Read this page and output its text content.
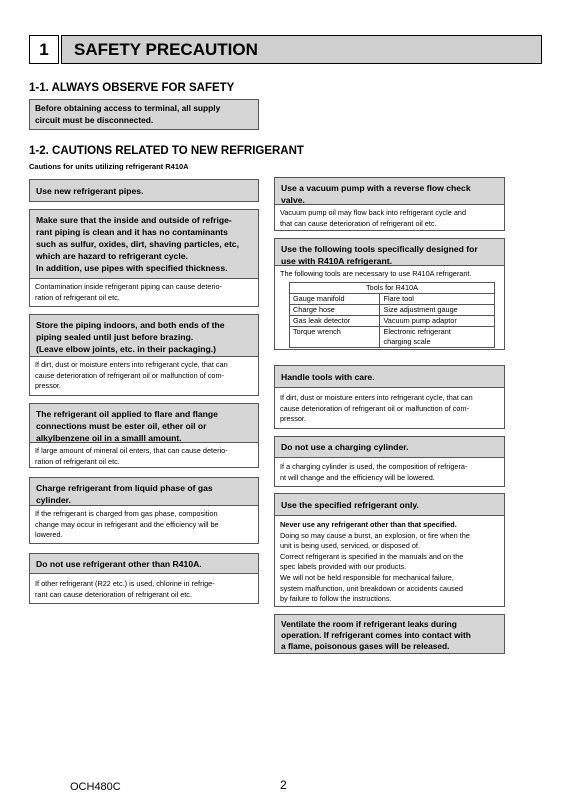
1	SAFETY PRECAUTION
1-1. ALWAYS OBSERVE FOR SAFETY
Before obtaining access to terminal, all supply
circuit must be disconnected.
1-2. CAUTIONS RELATED TO NEW REFRIGERANT
Cautions for units utilizing refrigerant R410A
Use new refrigerant pipes.
Make sure that the inside and outside of refrige-
rant piping is clean and it has no contaminants
such as sulfur, oxides, dirt, shaving particles, etc,
which are hazard to refrigerant cycle.
In addition, use pipes with specified thickness.
Contamination inside refrigerant piping can cause deterio-
ration of refrigerant oil etc.
Store the piping indoors, and both ends of the
piping sealed until just before brazing.
(Leave elbow joints, etc. in their packaging.)
If dirt, dust or moisture enters into refrigerant cycle, that can
cause deterioration of refrigerant oil or malfunction of com-
pressor.
The refrigerant oil applied to flare and flange
connections must be ester oil, ether oil or
alkylbenzene oil in a smalll amount.
If large amount of mineral oil enters, that can cause deterio-
ration of refrigerant oil etc.
Charge refrigerant from liquid phase of gas
cylinder.
If the refrigerant is charged from gas phase, composition
change may occur in refrigerant and the efficiency will be
lowered.
Do not use refrigerant other than R410A.
If other refrigerant (R22 etc.) is used, chlorine in refrige-
rant can cause deterioration of refrigerant oil etc.
Use a vacuum pump with a reverse flow check
valve.
Vacuum pump oil may flow back into refrigerant cycle and
that can cause deterioration of refrigerant oil etc.
Use the following tools specifically designed for
use with R410A refrigerant.
The following tools are necessary to use R410A refrigerant.
Tools for R410A	
Gauge manifold	Flare tool
Charge hose	Size adjustment gauge
Gas leak detector	Vacuum pump adaptor
Torque wrench	Electronic refrigerant
charging scale
Handle tools with care.
If dirt, dust or moisture enters into refrigerant cycle, that can
cause deterioration of refrigerant oil or malfunction of com-
pressor.
Do not use a charging cylinder.
If a charging cylinder is used, the composition of refrigera-
nt will change and the efficiency will be lowered.
Use the specified refrigerant only.
Never use any refrigerant other than that specified.
Doing so may cause a burst, an explosion, or fire when the
unit is being used, serviced, or disposed of.
Correct refrigerant is specified in the manuals and on the
spec labels provided with our products.
We will not be held responsible for mechanical failure,
system malfunction, unit breakdown or accidents caused
by failure to follow the instructions.
Ventilate the room if refrigerant leaks during
operation. If refrigerant comes into contact with
a flame, poisonous gases will be released.
OCH480C	2
